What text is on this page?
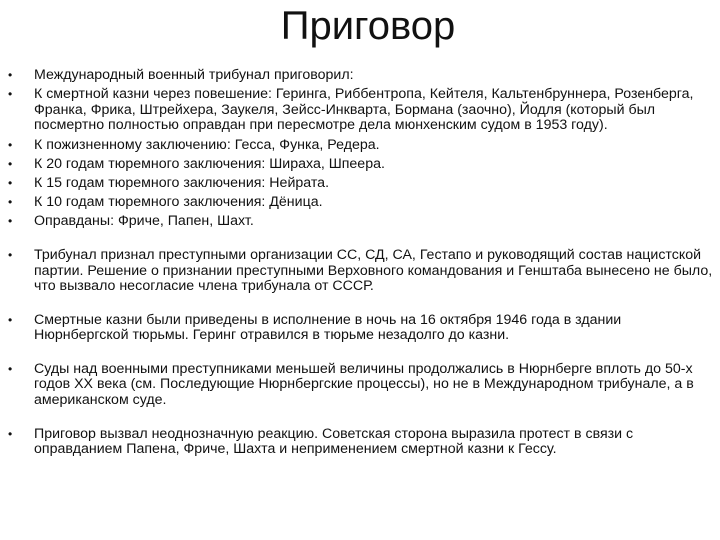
Приговор
• Международный военный трибунал приговорил:
• К смертной казни через повешение: Геринга, Риббентропа, Кейтеля, Кальтенбруннера, Розенберга, Франка, Фрика, Штрейхера, Заукеля, Зейсс-Инкварта, Бормана (заочно), Йодля (который был посмертно полностью оправдан при пересмотре дела мюнхенским судом в 1953 году).
• К пожизненному заключению: Гесса, Функа, Редера.
• К 20 годам тюремного заключения: Шираха, Шпеера.
• К 15 годам тюремного заключения: Нейрата.
• К 10 годам тюремного заключения: Дёница.
• Оправданы: Фриче, Папен, Шахт.
• Трибунал признал преступными организации СС, СД, СА, Гестапо и руководящий состав нацистской партии. Решение о признании преступными Верховного командования и Генштаба вынесено не было, что вызвало несогласие члена трибунала от СССР.
• Смертные казни были приведены в исполнение в ночь на 16 октября 1946 года в здании Нюрнбергской тюрьмы. Геринг отравился в тюрьме незадолго до казни.
• Суды над военными преступниками меньшей величины продолжались в Нюрнберге вплоть до 50-х годов XX века (см. Последующие Нюрнбергские процессы), но не в Международном трибунале, а в американском суде.
• Приговор вызвал неоднозначную реакцию. Советская сторона выразила протест в связи с оправданием Папена, Фриче, Шахта и неприменением смертной казни к Гессу.
